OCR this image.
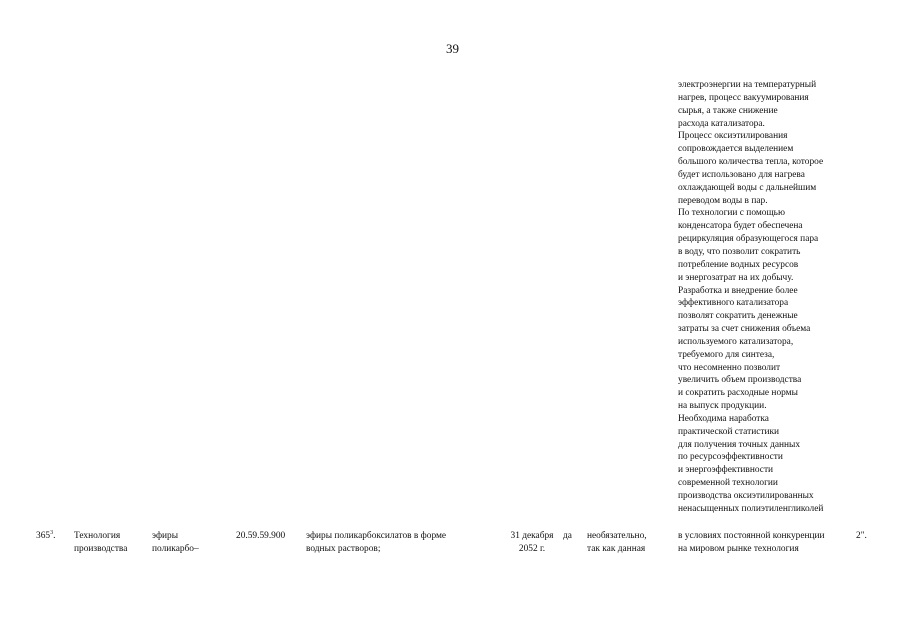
39
электроэнергии на температурный
нагрев, процесс вакуумирования
сырья, а также снижение
расхода катализатора.
Процесс оксиэтилирования
сопровождается выделением
большого количества тепла, которое
будет использовано для нагрева
охлаждающей воды с дальнейшим
переводом воды в пар.
По технологии с помощью
конденсатора будет обеспечена
рециркуляция образующегося пара
в воду, что позволит сократить
потребление водных ресурсов
и энергозатрат на их добычу.
Разработка и внедрение более
эффективного катализатора
позволят сократить денежные
затраты за счет снижения объема
используемого катализатора,
требуемого для синтеза,
что несомненно позволит
увеличить объем производства
и сократить расходные нормы
на выпуск продукции.
Необходима наработка
практической статистики
для получения точных данных
по ресурсоэффективности
и энергоэффективности
современной технологии
производства оксиэтилированных
ненасыщенных полиэтиленгликолей
$365^3$. Технология
производства
эфиры
поликарбо–
20.59.59.900 эфиры поликарбоксилатов в форме
водных растворов;
31 декабря
2052 г.
да необязательно,
так как данная
в условиях постоянной конкуренции
на мировом рынке технология
2".
